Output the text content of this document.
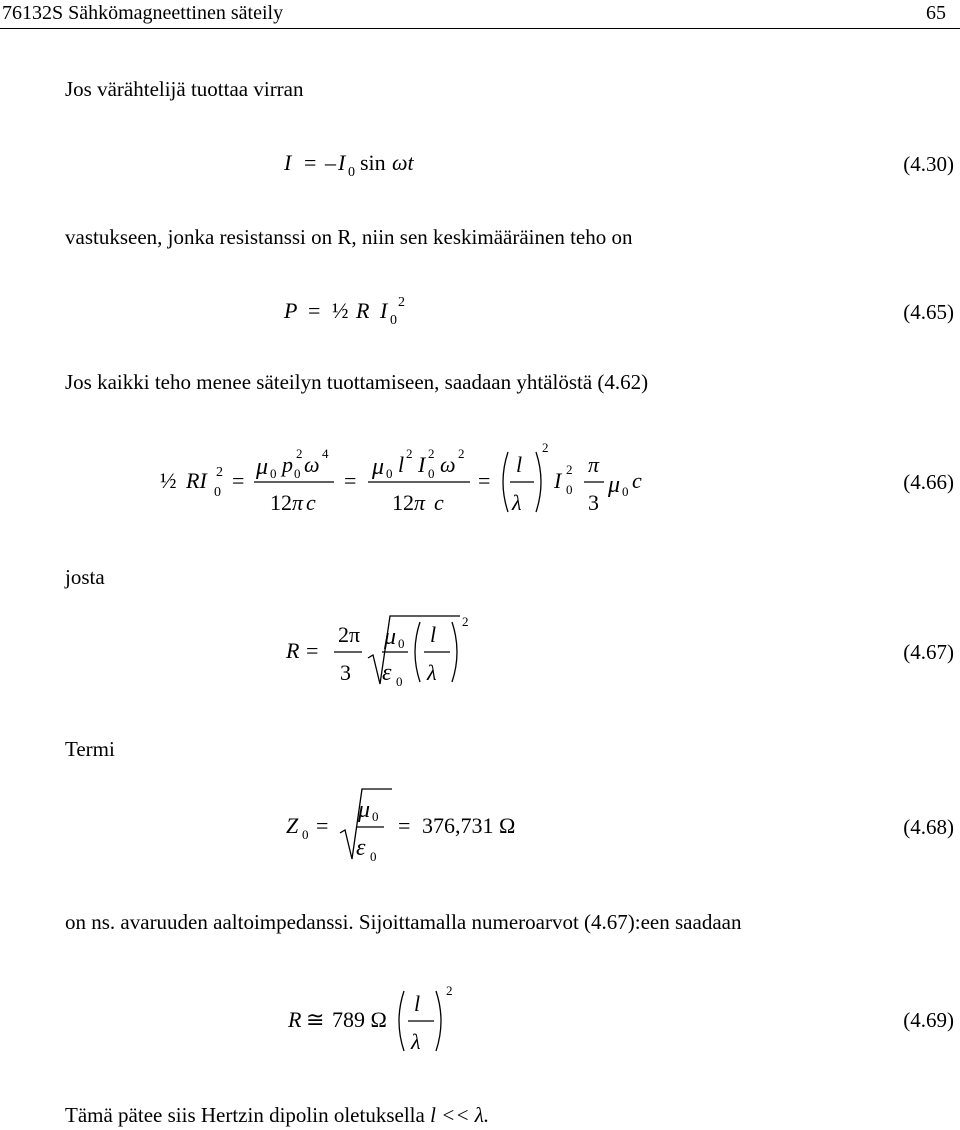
76132S Sähkömagneettinen säteily	65
Jos värähtelijä tuottaa virran
I = – I 0 sin ωt	(4.30)
vastukseen, jonka resistanssi on R, niin sen keskimääräinen teho on
P = ½ R I 0
2	(4.65)
Jos kaikki teho menee säteilyn tuottamiseen, saadaan yhtälöstä (4.62)
½ RI 2
0 =
μ 0 p 2
0 ω 4
12 π c
=
μ 0 l 2 I 2
0 ω 2
12 π c
=
l
λ
2
I 2
0
π
3
μ 0 c	(4.66)
josta
R =
2π
3
μ 0
ε 0
l
λ
2
(4.67)
Termi
Z 0 =
μ 0
ε 0
= 376,731 Ω	(4.68)
on ns. avaruuden aaltoimpedanssi. Sijoittamalla numeroarvot (4.67):een saadaan
R ≅ 789 Ω
l
λ
2
(4.69)
Tämä pätee siis Hertzin dipolin oletuksella l << λ.
